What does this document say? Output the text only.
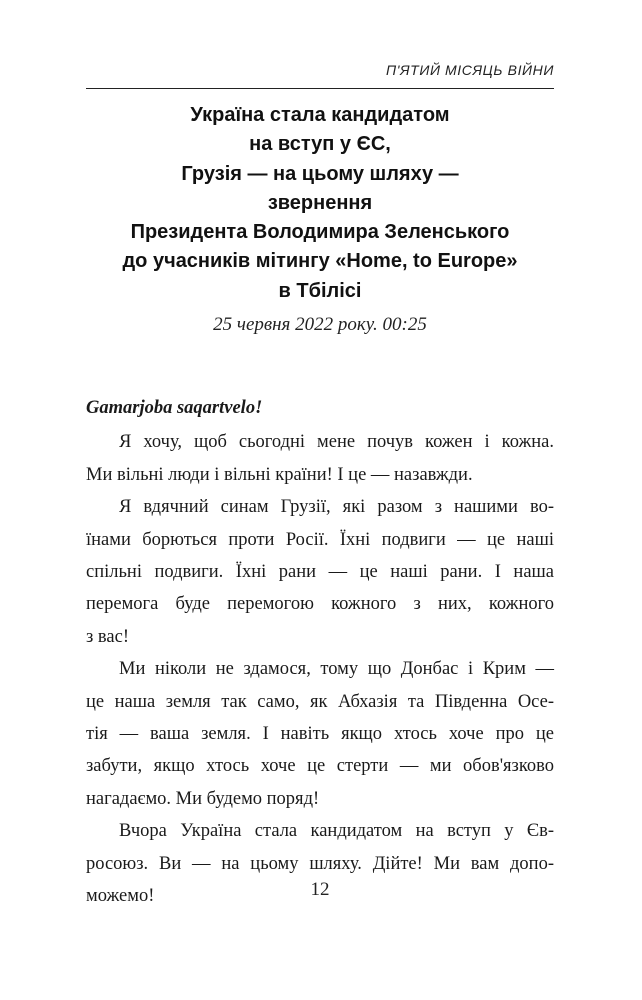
П'ЯТИЙ МІСЯЦЬ ВІЙНИ
Україна стала кандидатом
на вступ у ЄС,
Грузія — на цьому шляху —
звернення
Президента Володимира Зеленського
до учасників мітингу «Home, to Europe»
в Тбілісі
25 червня 2022 року. 00:25
Gamarjoba saqartvelo!
Я хочу, щоб сьогодні мене почув кожен і кожна.
Ми вільні люди і вільні країни! І це — назавжди.
Я вдячний синам Грузії, які разом з нашими во-
їнами борються проти Росії. Їхні подвиги — це наші
спільні подвиги. Їхні рани — це наші рани. І наша
перемога буде перемогою кожного з них, кожного
з вас!
Ми ніколи не здамося, тому що Донбас і Крим —
це наша земля так само, як Абхазія та Південна Осе-
тія — ваша земля. І навіть якщо хтось хоче про це
забути, якщо хтось хоче це стерти — ми обов'язково
нагадаємо. Ми будемо поряд!
Вчора Україна стала кандидатом на вступ у Єв-
росоюз. Ви — на цьому шляху. Дійте! Ми вам допо-
можемо!	12
